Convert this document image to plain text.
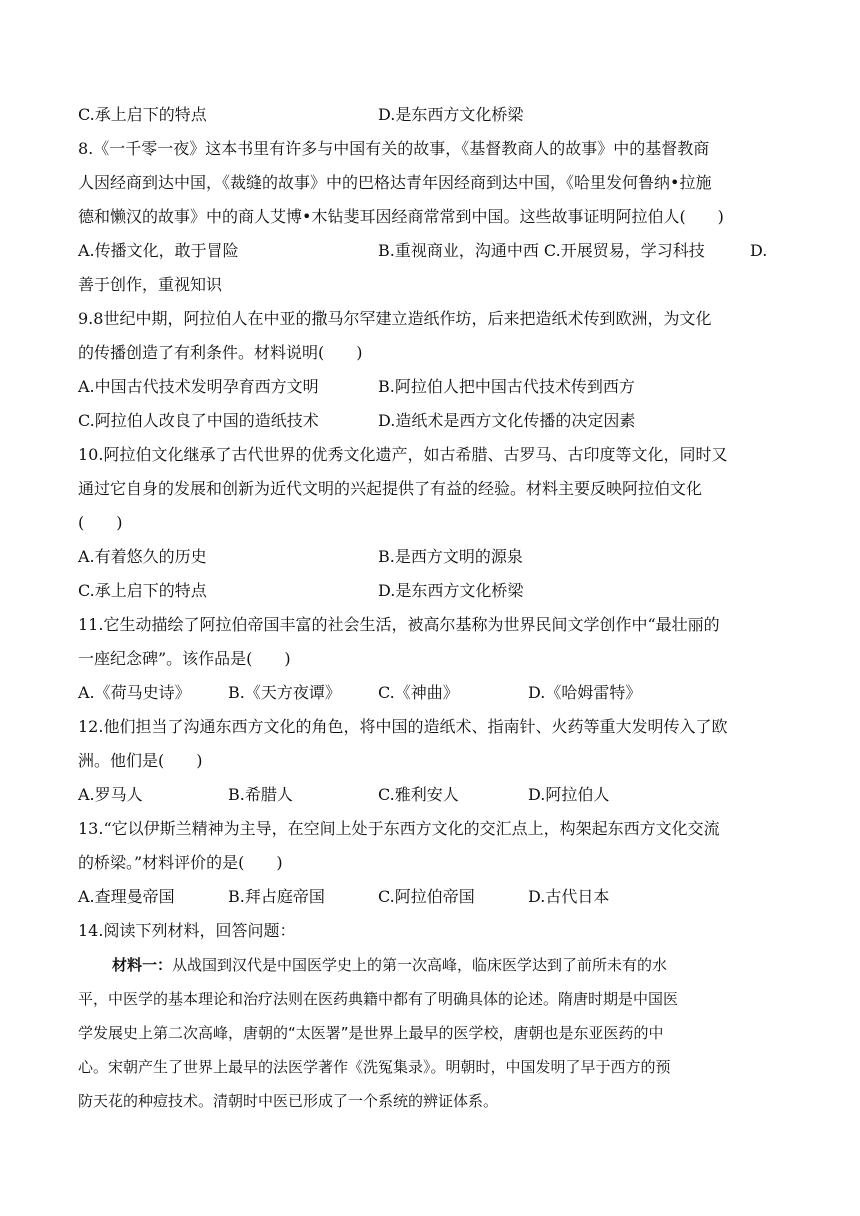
C.承上启下的特点	D.是东西方文化桥梁
8.《一千零一夜》这本书里有许多与中国有关的故事，《基督教商人的故事》中的基督教商
人因经商到达中国，《裁缝的故事》中的巴格达青年因经商到达中国，《哈里发何鲁纳•拉施
德和懒汉的故事》中的商人艾博•木钻斐耳因经商常常到中国。这些故事证明阿拉伯人(　　)
A.传播文化，敢于冒险	B.重视商业，沟通中西 C.开展贸易，学习科技	D.
善于创作，重视知识
9.8世纪中期，阿拉伯人在中亚的撒马尔罕建立造纸作坊，后来把造纸术传到欧洲，为文化
的传播创造了有利条件。材料说明(　　)
A.中国古代技术发明孕育西方文明	B.阿拉伯人把中国古代技术传到西方
C.阿拉伯人改良了中国的造纸技术	D.造纸术是西方文化传播的决定因素
10.阿拉伯文化继承了古代世界的优秀文化遗产，如古希腊、古罗马、古印度等文化，同时又
通过它自身的发展和创新为近代文明的兴起提供了有益的经验。材料主要反映阿拉伯文化
(　　)
A.有着悠久的历史	B.是西方文明的源泉
C.承上启下的特点	D.是东西方文化桥梁
11.它生动描绘了阿拉伯帝国丰富的社会生活，被高尔基称为世界民间文学创作中“最壮丽的
一座纪念碑”。该作品是(　　)
A.《荷马史诗》 B.《天方夜谭》 C.《神曲》	D.《哈姆雷特》
12.他们担当了沟通东西方文化的角色，将中国的造纸术、指南针、火药等重大发明传入了欧
洲。他们是(　　)
A.罗马人	B.希腊人	C.雅利安人	D.阿拉伯人
13.“它以伊斯兰精神为主导，在空间上处于东西方文化的交汇点上，构架起东西方文化交流
的桥梁。”材料评价的是(　　)
A.查理曼帝国	B.拜占庭帝国	C.阿拉伯帝国	D.古代日本
14.阅读下列材料，回答问题：
材料一：从战国到汉代是中国医学史上的第一次高峰，临床医学达到了前所未有的水
平，中医学的基本理论和治疗法则在医药典籍中都有了明确具体的论述。隋唐时期是中国医
学发展史上第二次高峰，唐朝的“太医署”是世界上最早的医学校，唐朝也是东亚医药的中
心。宋朝产生了世界上最早的法医学著作《洗冤集录》。明朝时，中国发明了早于西方的预
防天花的种痘技术。清朝时中医已形成了一个系统的辨证体系。
